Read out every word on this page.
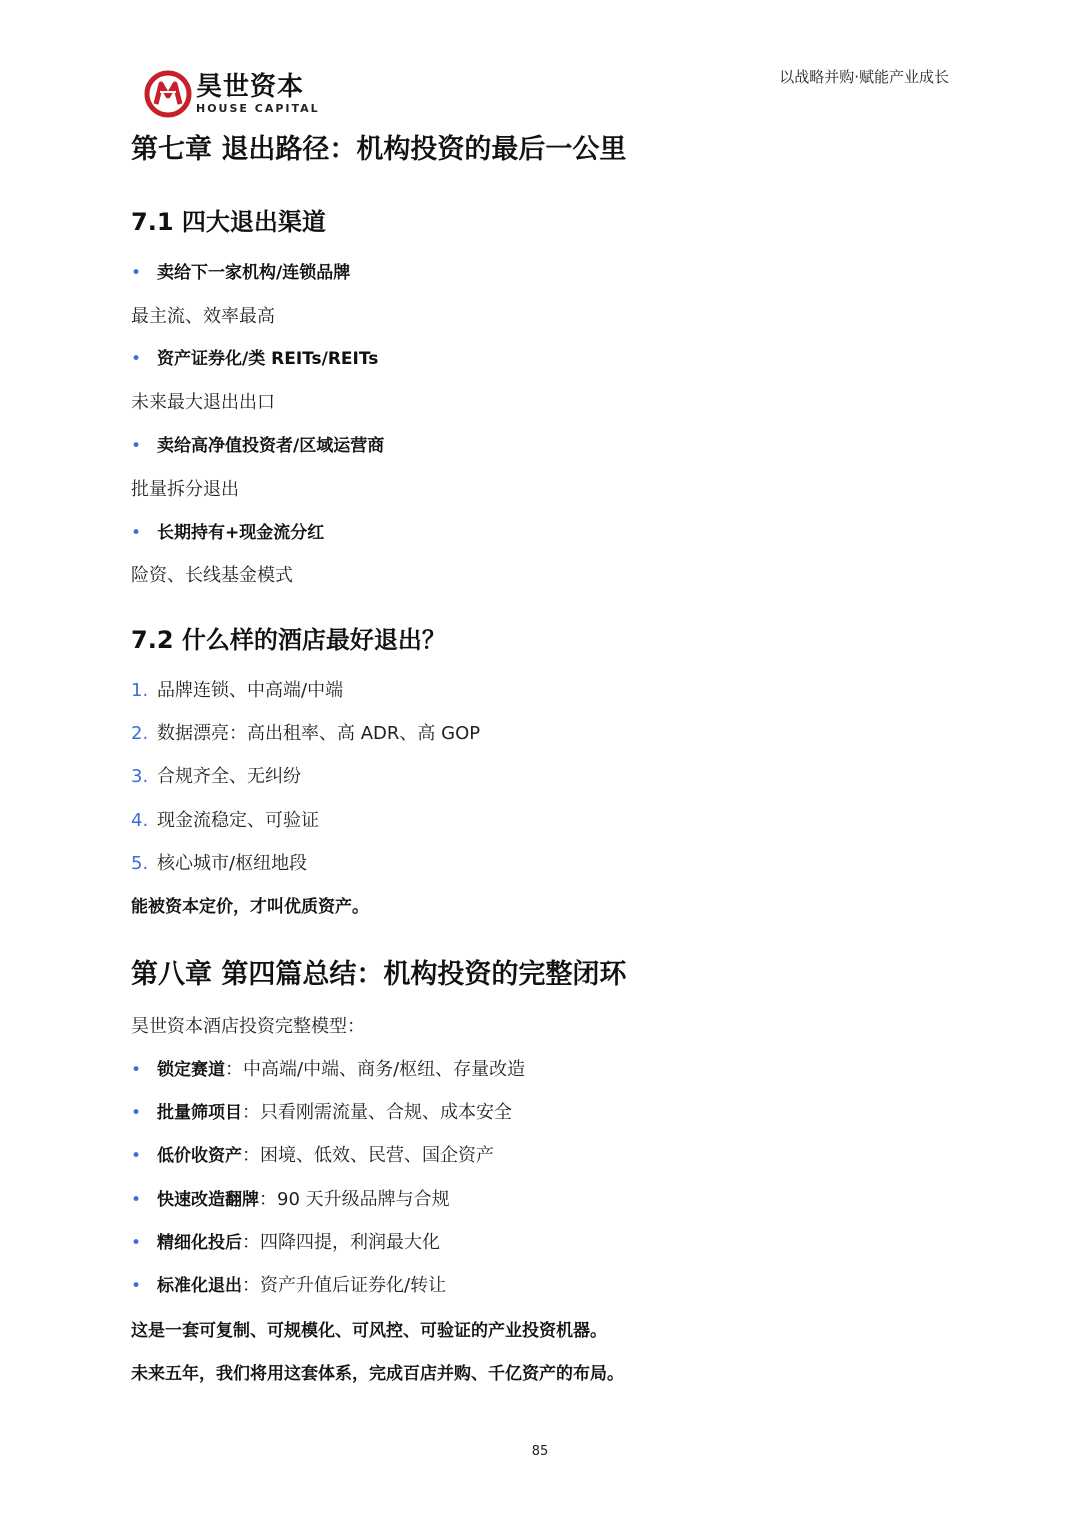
以战略并购·赋能产业成长
昊世资本
HOUSE CAPITAL
第七章 退出路径：机构投资的最后一公里
7.1 四大退出渠道
• 卖给下一家机构/连锁品牌
最主流、效率最高
• 资产证券化/类 REITs/REITs
未来最大退出出口
• 卖给高净值投资者/区域运营商
批量拆分退出
• 长期持有+现金流分红
险资、长线基金模式
7.2 什么样的酒店最好退出？
1. 品牌连锁、中高端/中端
2. 数据漂亮：高出租率、高 ADR、高 GOP
3. 合规齐全、无纠纷
4. 现金流稳定、可验证
5. 核心城市/枢纽地段
能被资本定价，才叫优质资产。
第八章 第四篇总结：机构投资的完整闭环
昊世资本酒店投资完整模型：
• 锁定赛道 ：中高端/中端、商务/枢纽、存量改造
• 批量筛项目 ：只看刚需流量、合规、成本安全
• 低价收资产 ：困境、低效、民营、国企资产
• 快速改造翻牌 ：90 天升级品牌与合规
• 精细化投后 ：四降四提，利润最大化
• 标准化退出 ：资产升值后证券化/转让
这是一套可复制、可规模化、可风控、可验证的产业投资机器。
未来五年，我们将用这套体系，完成百店并购、千亿资产的布局。
85
